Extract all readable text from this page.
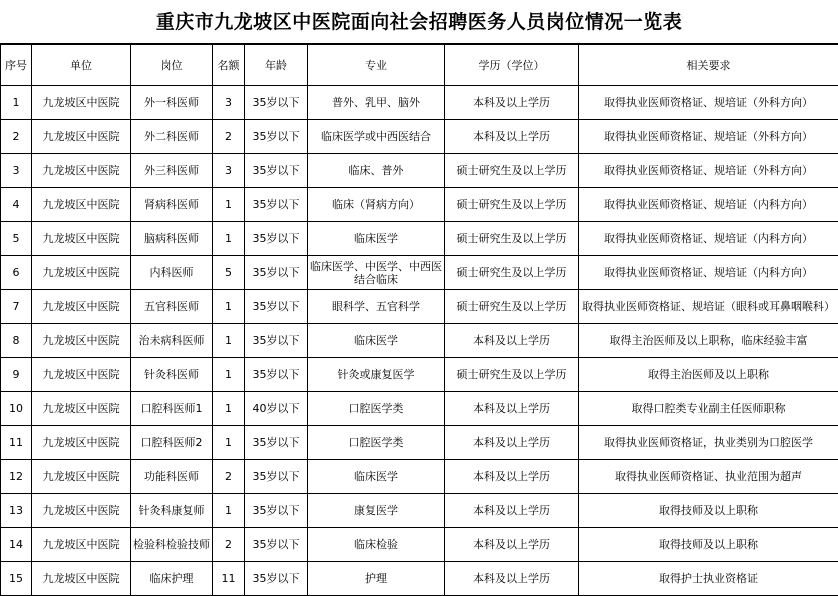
重庆市九龙坡区中医院面向社会招聘医务人员岗位情况一览表
序号	单位	岗位	名额	年龄	专业	学历（学位）	相关要求
1	九龙坡区中医院	外一科医师	3	35岁以下	普外、乳甲、脑外	本科及以上学历	取得执业医师资格证、规培证（外科方向）
2	九龙坡区中医院	外二科医师	2	35岁以下	临床医学或中西医结合	本科及以上学历	取得执业医师资格证、规培证（外科方向）
3	九龙坡区中医院	外三科医师	3	35岁以下	临床、普外	硕士研究生及以上学历	取得执业医师资格证、规培证（外科方向）
4	九龙坡区中医院	肾病科医师	1	35岁以下	临床（肾病方向）	硕士研究生及以上学历	取得执业医师资格证、规培证（内科方向）
5	九龙坡区中医院	脑病科医师	1	35岁以下	临床医学	硕士研究生及以上学历	取得执业医师资格证、规培证（内科方向）
6	九龙坡区中医院	内科医师	5	35岁以下	临床医学、中医学、中西医结合临床	硕士研究生及以上学历	取得执业医师资格证、规培证（内科方向）
7	九龙坡区中医院	五官科医师	1	35岁以下	眼科学、五官科学	硕士研究生及以上学历	取得执业医师资格证、规培证（眼科或耳鼻咽喉科）
8	九龙坡区中医院	治未病科医师	1	35岁以下	临床医学	本科及以上学历	取得主治医师及以上职称，临床经验丰富
9	九龙坡区中医院	针灸科医师	1	35岁以下	针灸或康复医学	硕士研究生及以上学历	取得主治医师及以上职称
10	九龙坡区中医院	口腔科医师1	1	40岁以下	口腔医学类	本科及以上学历	取得口腔类专业副主任医师职称
11	九龙坡区中医院	口腔科医师2	1	35岁以下	口腔医学类	本科及以上学历	取得执业医师资格证，执业类别为口腔医学
12	九龙坡区中医院	功能科医师	2	35岁以下	临床医学	本科及以上学历	取得执业医师资格证、执业范围为超声
13	九龙坡区中医院	针灸科康复师	1	35岁以下	康复医学	本科及以上学历	取得技师及以上职称
14	九龙坡区中医院	检验科检验技师	2	35岁以下	临床检验	本科及以上学历	取得技师及以上职称
15	九龙坡区中医院	临床护理	11	35岁以下	护理	本科及以上学历	取得护士执业资格证
